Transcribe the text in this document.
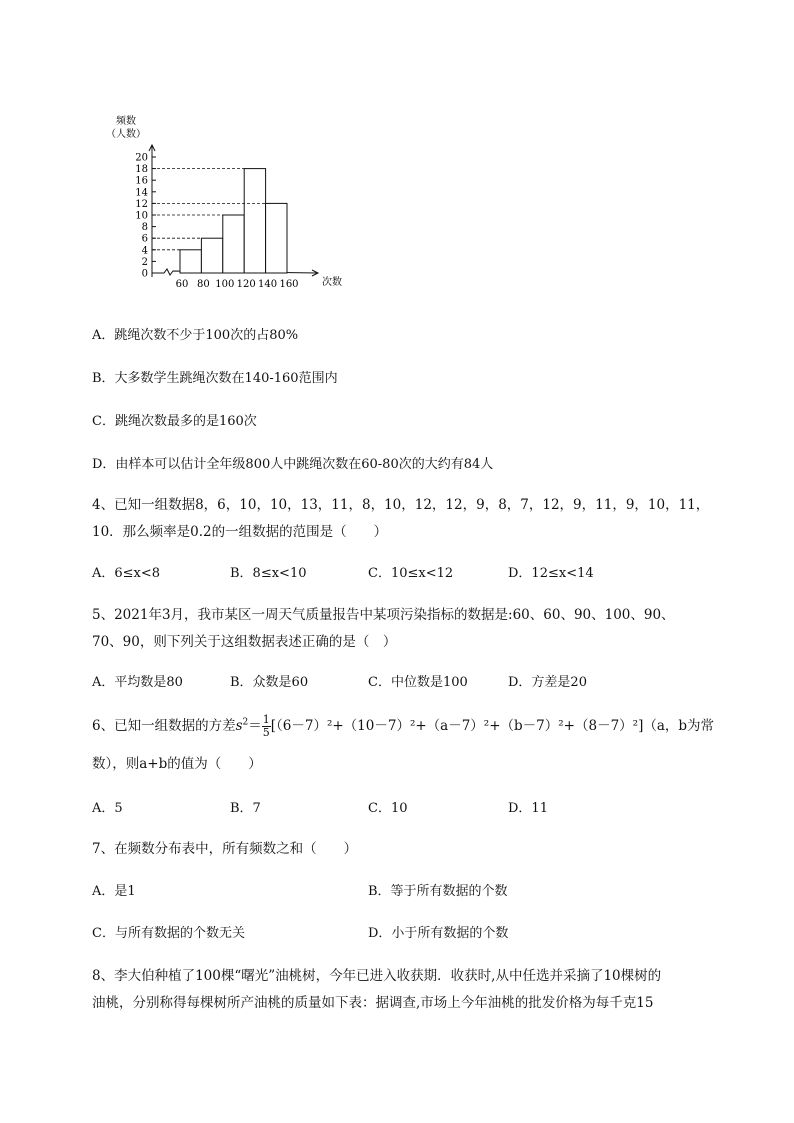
频数
（人数）
次数
0
2
4
6
8
10
12
14
16
18
20
60 80 100 120 140 160
A．跳绳次数不少于100次的占80%
B．大多数学生跳绳次数在140-160范围内
C．跳绳次数最多的是160次
D．由样本可以估计全年级800人中跳绳次数在60-80次的大约有84人
4、已知一组数据8，6，10，10，13，11，8，10，12，12，9，8，7，12，9，11，9，10，11，
10．那么频率是0.2的一组数据的范围是（　　）
A．6≤x<8	B．8≤x<10	C．10≤x<12	D．12≤x<14
5、2021年3月，我市某区一周天气质量报告中某项污染指标的数据是:60、60、90、100、90、
70、90，则下列关于这组数据表述正确的是（　）
A．平均数是80	B．众数是60	C．中位数是100	D．方差是20
6、已知一组数据的方差$s^2= \frac{1}{5} [(6-7)^2+(10-7)^2+(a-7)^2+(b-7)^2+(8-7)^2](a$，b为常
数），则a+b的值为（　　）
A．5	B．7	C．10	D．11
7、在频数分布表中，所有频数之和（　　）
A．是1	B．等于所有数据的个数
C．与所有数据的个数无关	D．小于所有数据的个数
8、李大伯种植了100棵“曙光”油桃树，今年已进入收获期．收获时,从中任选并采摘了10棵树的
油桃，分别称得每棵树所产油桃的质量如下表：据调查,市场上今年油桃的批发价格为每千克15
